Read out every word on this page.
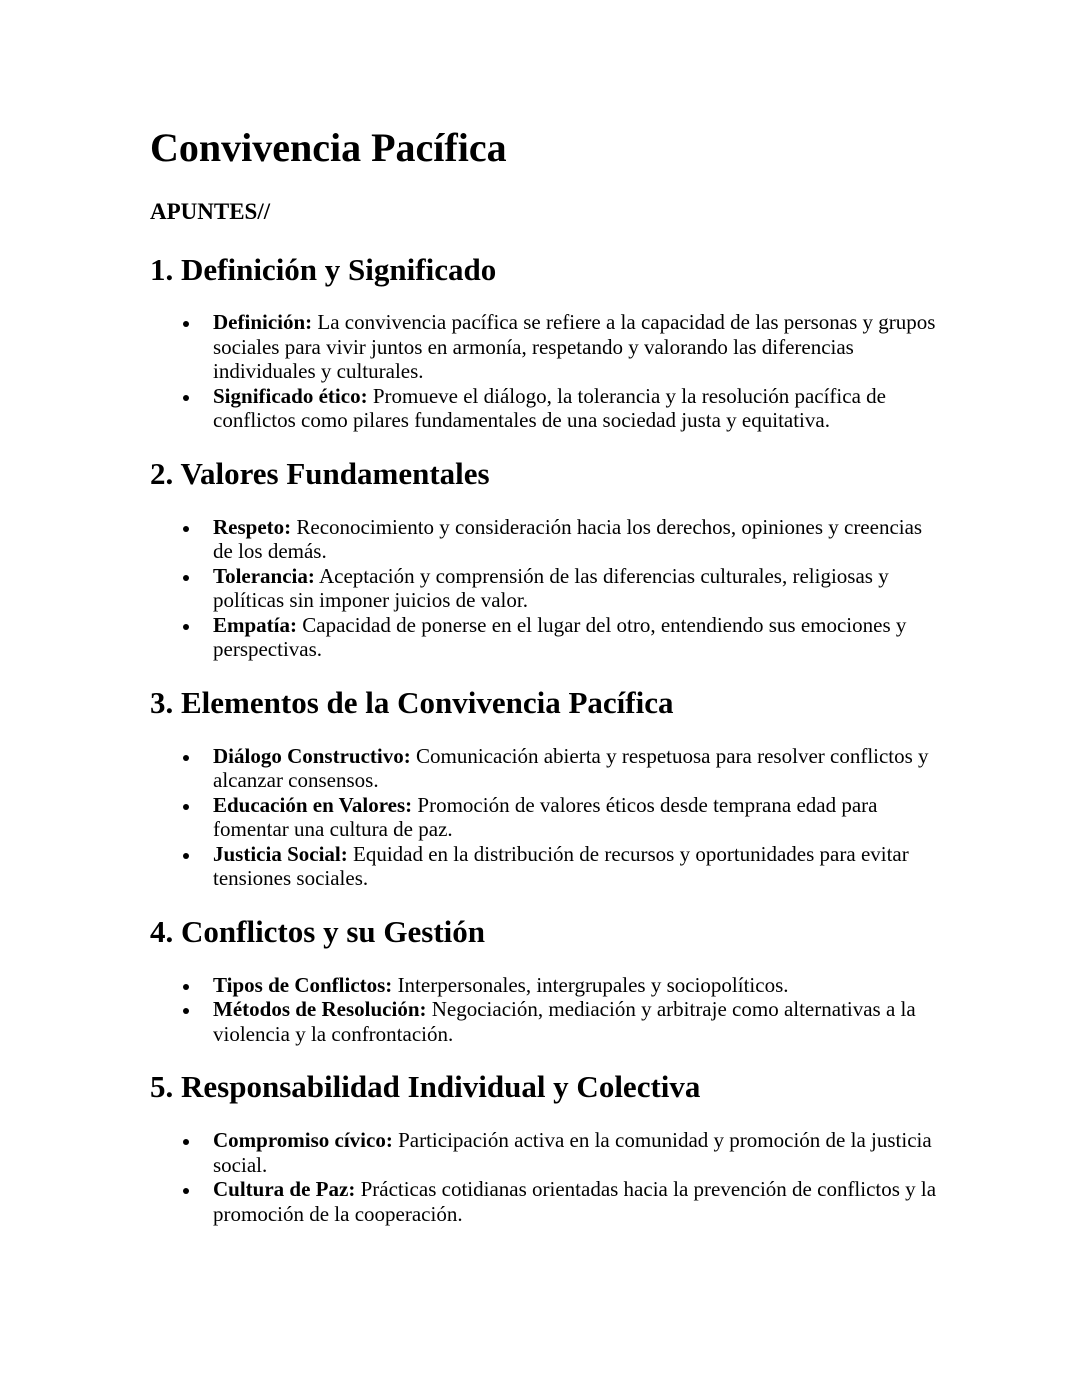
Convivencia Pacífica
APUNTES//
1. Definición y Significado
Definición: La convivencia pacífica se refiere a la capacidad de las personas y grupos sociales para vivir juntos en armonía, respetando y valorando las diferencias individuales y culturales.
Significado ético: Promueve el diálogo, la tolerancia y la resolución pacífica de conflictos como pilares fundamentales de una sociedad justa y equitativa.
2. Valores Fundamentales
Respeto: Reconocimiento y consideración hacia los derechos, opiniones y creencias de los demás.
Tolerancia: Aceptación y comprensión de las diferencias culturales, religiosas y políticas sin imponer juicios de valor.
Empatía: Capacidad de ponerse en el lugar del otro, entendiendo sus emociones y perspectivas.
3. Elementos de la Convivencia Pacífica
Diálogo Constructivo: Comunicación abierta y respetuosa para resolver conflictos y alcanzar consensos.
Educación en Valores: Promoción de valores éticos desde temprana edad para fomentar una cultura de paz.
Justicia Social: Equidad en la distribución de recursos y oportunidades para evitar tensiones sociales.
4. Conflictos y su Gestión
Tipos de Conflictos: Interpersonales, intergrupales y sociopolíticos.
Métodos de Resolución: Negociación, mediación y arbitraje como alternativas a la violencia y la confrontación.
5. Responsabilidad Individual y Colectiva
Compromiso cívico: Participación activa en la comunidad y promoción de la justicia social.
Cultura de Paz: Prácticas cotidianas orientadas hacia la prevención de conflictos y la promoción de la cooperación.
